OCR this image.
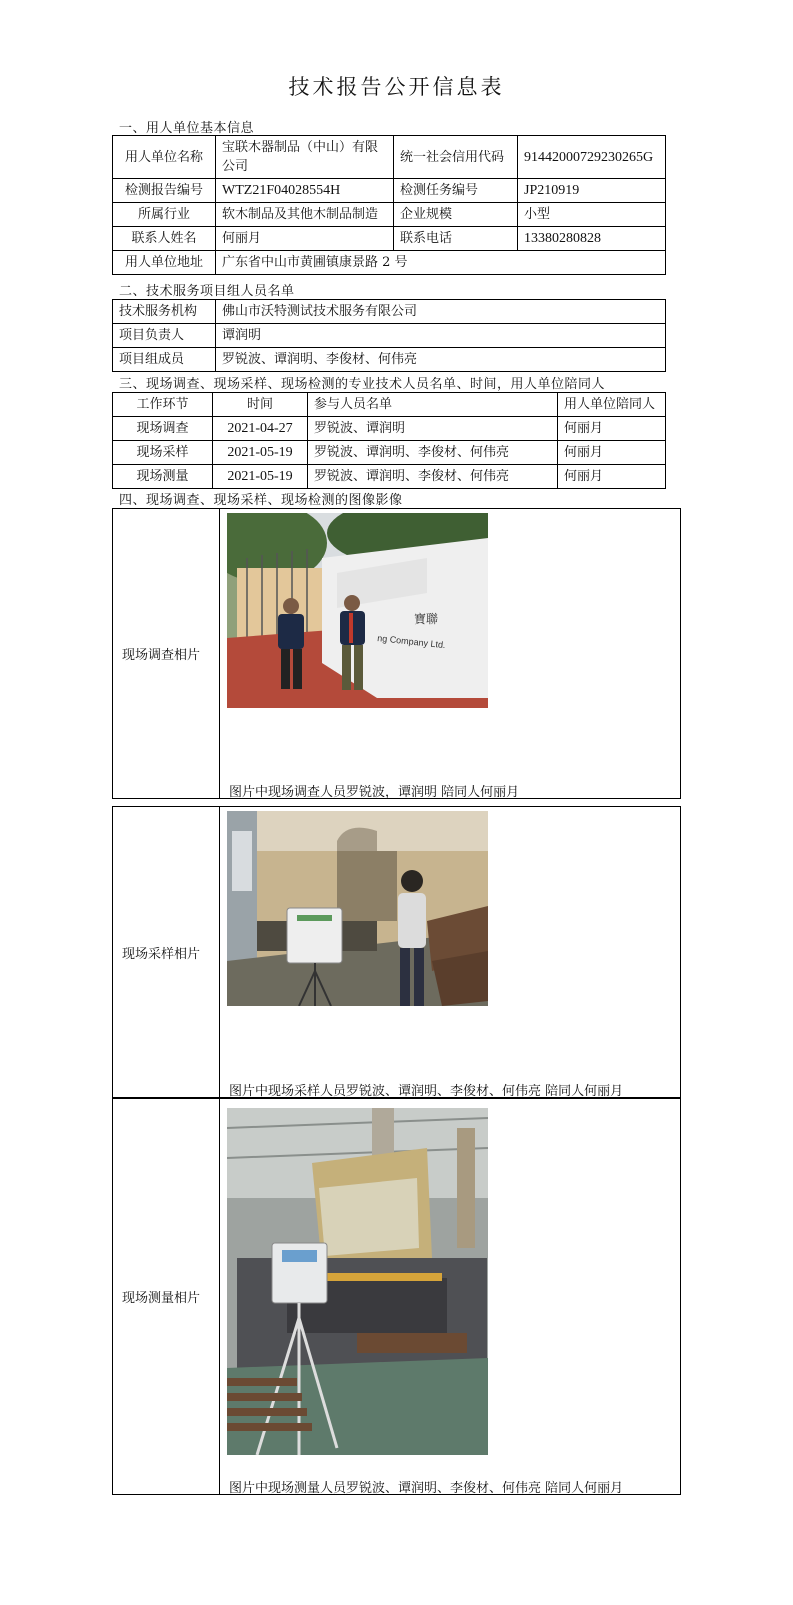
技术报告公开信息表
一、用人单位基本信息
用人单位名称	宝联木器制品（中山）有限公司	统一社会信用代码	91442000729230265G
检测报告编号	WTZ21F04028554H	检测任务编号	JP210919
所属行业	软木制品及其他木制品制造	企业规模	小型
联系人姓名	何丽月	联系电话	13380280828
用人单位地址	广东省中山市黄圃镇康景路 2 号		
二、技术服务项目组人员名单
技术服务机构	佛山市沃特测试技术服务有限公司
项目负责人	谭润明
项目组成员	罗锐波、谭润明、李俊材、何伟亮
三、现场调查、现场采样、现场检测的专业技术人员名单、时间，用人单位陪同人
工作环节	时间	参与人员名单	用人单位陪同人
现场调查	2021-04-27	罗锐波、谭润明	何丽月
现场采样	2021-05-19	罗锐波、谭润明、李俊材、何伟亮	何丽月
现场测量	2021-05-19	罗锐波、谭润明、李俊材、何伟亮	何丽月
四、现场调查、现场采样、现场检测的图像影像
现场调查相片
寶聯
ng Company Ltd.
图片中现场调查人员罗锐波，谭润明 陪同人何丽月
现场采样相片
图片中现场采样人员罗锐波、谭润明、李俊材、何伟亮 陪同人何丽月
现场测量相片
图片中现场测量人员罗锐波、谭润明、李俊材、何伟亮 陪同人何丽月
